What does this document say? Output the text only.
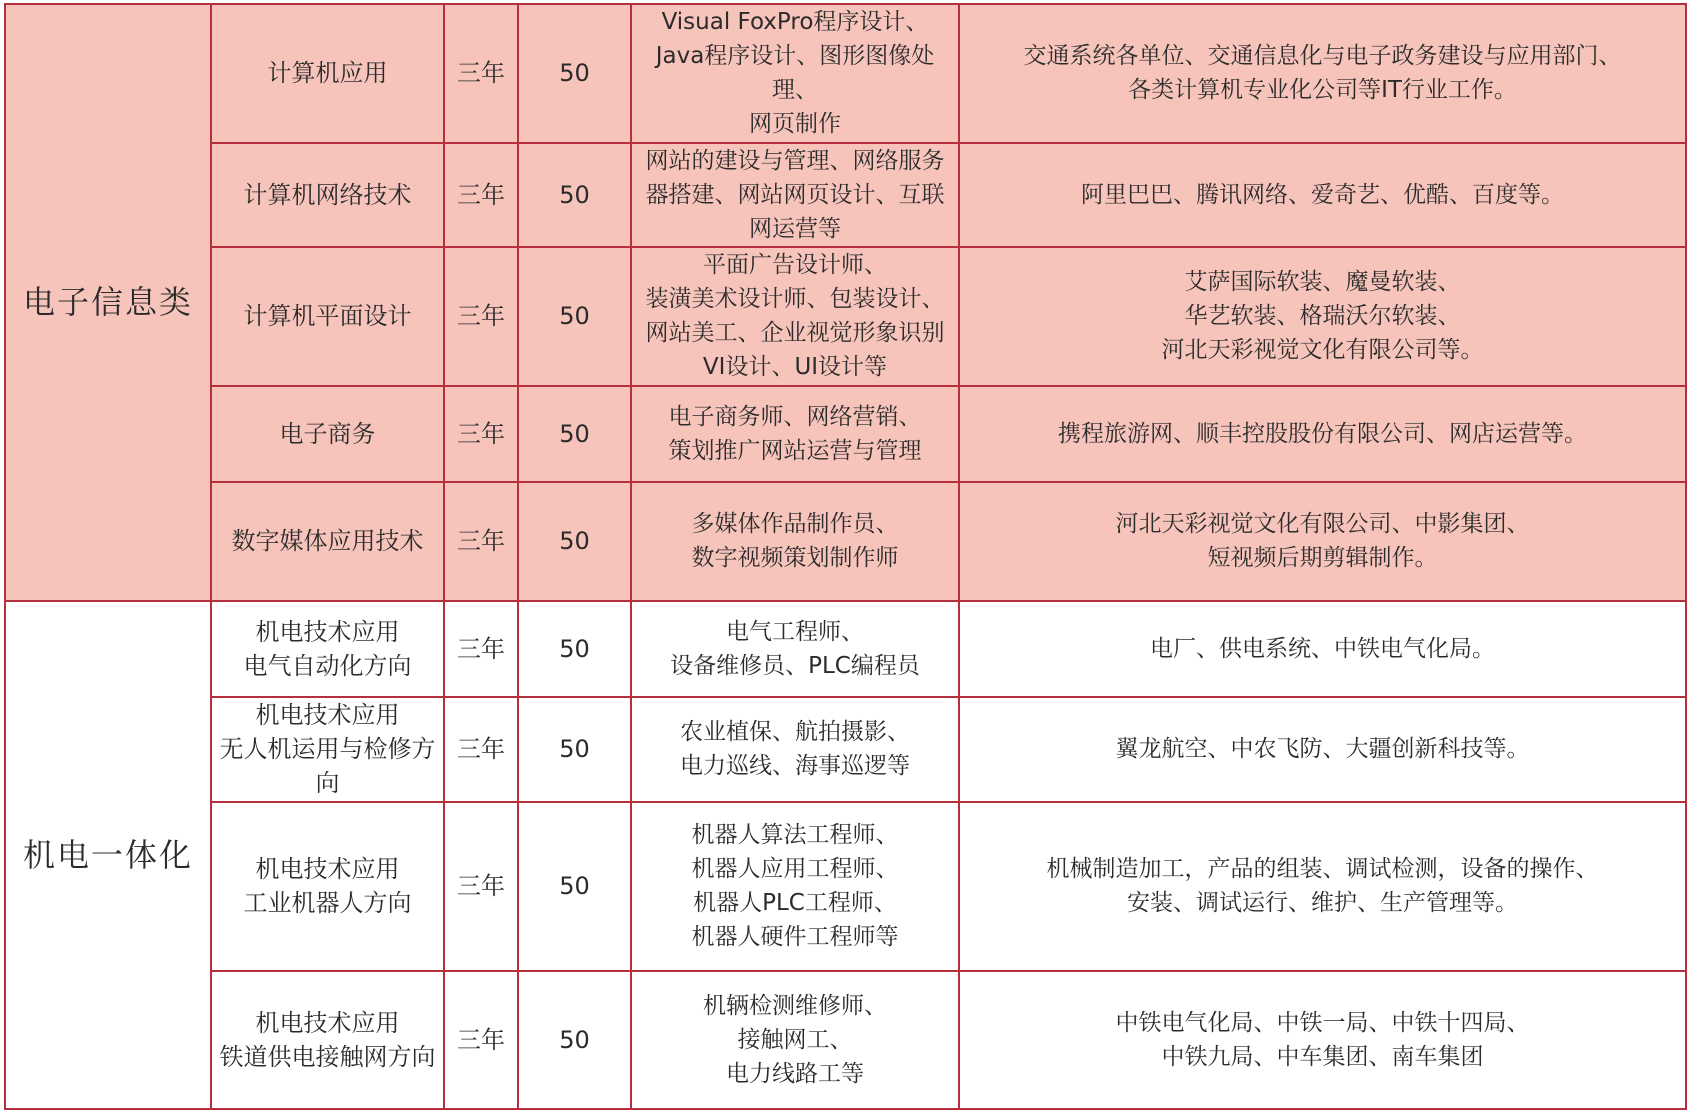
电子信息类	计算机应用	三年	50	Visual FoxPro程序设计、
Java程序设计、图形图像处理、
网页制作	交通系统各单位、交通信息化与电子政务建设与应用部门、
各类计算机专业化公司等IT行业工作。
	计算机网络技术	三年	50	网站的建设与管理、网络服务
器搭建、网站网页设计、互联
网运营等	阿里巴巴、腾讯网络、爱奇艺、优酷、百度等。
	计算机平面设计	三年	50	平面广告设计师、
装潢美术设计师、包装设计、
网站美工、企业视觉形象识别
VI设计、UI设计等	艾萨国际软装、魔曼软装、
华艺软装、格瑞沃尔软装、
河北天彩视觉文化有限公司等。
	电子商务	三年	50	电子商务师、网络营销、
策划推广网站运营与管理	携程旅游网、顺丰控股股份有限公司、网店运营等。
	数字媒体应用技术	三年	50	多媒体作品制作员、
数字视频策划制作师	河北天彩视觉文化有限公司、中影集团、
短视频后期剪辑制作。
机电一体化	机电技术应用
电气自动化方向	三年	50	电气工程师、
设备维修员、PLC编程员	电厂、供电系统、中铁电气化局。
	机电技术应用
无人机运用与检修方向	三年	50	农业植保、航拍摄影、
电力巡线、海事巡逻等	翼龙航空、中农飞防、大疆创新科技等。
	机电技术应用
工业机器人方向	三年	50	机器人算法工程师、
机器人应用工程师、
机器人PLC工程师、
机器人硬件工程师等	机械制造加工，产品的组装、调试检测，设备的操作、
安装、调试运行、维护、生产管理等。
	机电技术应用
铁道供电接触网方向	三年	50	机辆检测维修师、
接触网工、
电力线路工等	中铁电气化局、中铁一局、中铁十四局、
中铁九局、中车集团、南车集团
